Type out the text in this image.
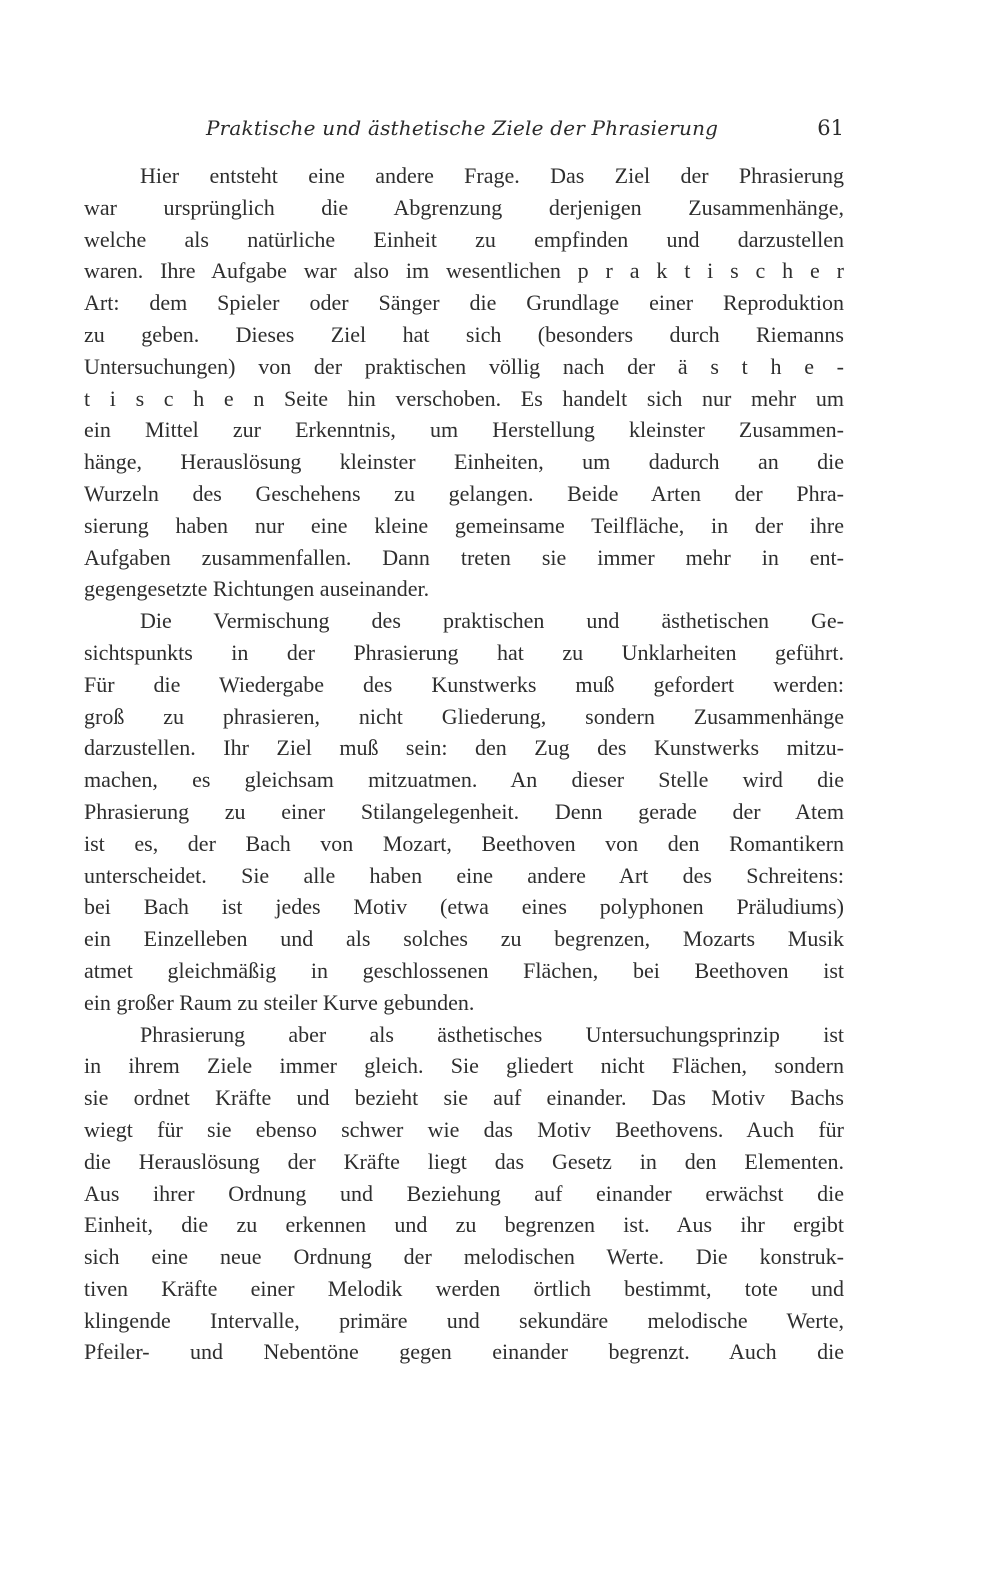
Praktische und ästhetische Ziele der Phrasierung	61
Hier entsteht eine andere Frage. Das Ziel der Phrasierung
war ursprünglich die Abgrenzung derjenigen Zusammenhänge,
welche als natürliche Einheit zu empfinden und darzustellen
waren. Ihre Aufgabe war also im wesentlichen p r a k t i s c h e r
Art: dem Spieler oder Sänger die Grundlage einer Reproduktion
zu geben. Dieses Ziel hat sich (besonders durch Riemanns
Untersuchungen) von der praktischen völlig nach der ä s t h e -
t i s c h e n Seite hin verschoben. Es handelt sich nur mehr um
ein Mittel zur Erkenntnis, um Herstellung kleinster Zusammen-
hänge, Herauslösung kleinster Einheiten, um dadurch an die
Wurzeln des Geschehens zu gelangen. Beide Arten der Phra-
sierung haben nur eine kleine gemeinsame Teilfläche, in der ihre
Aufgaben zusammenfallen. Dann treten sie immer mehr in ent-
gegengesetzte Richtungen auseinander.
Die Vermischung des praktischen und ästhetischen Ge-
sichtspunkts in der Phrasierung hat zu Unklarheiten geführt.
Für die Wiedergabe des Kunstwerks muß gefordert werden:
groß zu phrasieren, nicht Gliederung, sondern Zusammenhänge
darzustellen. Ihr Ziel muß sein: den Zug des Kunstwerks mitzu-
machen, es gleichsam mitzuatmen. An dieser Stelle wird die
Phrasierung zu einer Stilangelegenheit. Denn gerade der Atem
ist es, der Bach von Mozart, Beethoven von den Romantikern
unterscheidet. Sie alle haben eine andere Art des Schreitens:
bei Bach ist jedes Motiv (etwa eines polyphonen Präludiums)
ein Einzelleben und als solches zu begrenzen, Mozarts Musik
atmet gleichmäßig in geschlossenen Flächen, bei Beethoven ist
ein großer Raum zu steiler Kurve gebunden.
Phrasierung aber als ästhetisches Untersuchungsprinzip ist
in ihrem Ziele immer gleich. Sie gliedert nicht Flächen, sondern
sie ordnet Kräfte und bezieht sie auf einander. Das Motiv Bachs
wiegt für sie ebenso schwer wie das Motiv Beethovens. Auch für
die Herauslösung der Kräfte liegt das Gesetz in den Elementen.
Aus ihrer Ordnung und Beziehung auf einander erwächst die
Einheit, die zu erkennen und zu begrenzen ist. Aus ihr ergibt
sich eine neue Ordnung der melodischen Werte. Die konstruk-
tiven Kräfte einer Melodik werden örtlich bestimmt, tote und
klingende Intervalle, primäre und sekundäre melodische Werte,
Pfeiler- und Nebentöne gegen einander begrenzt. Auch die
